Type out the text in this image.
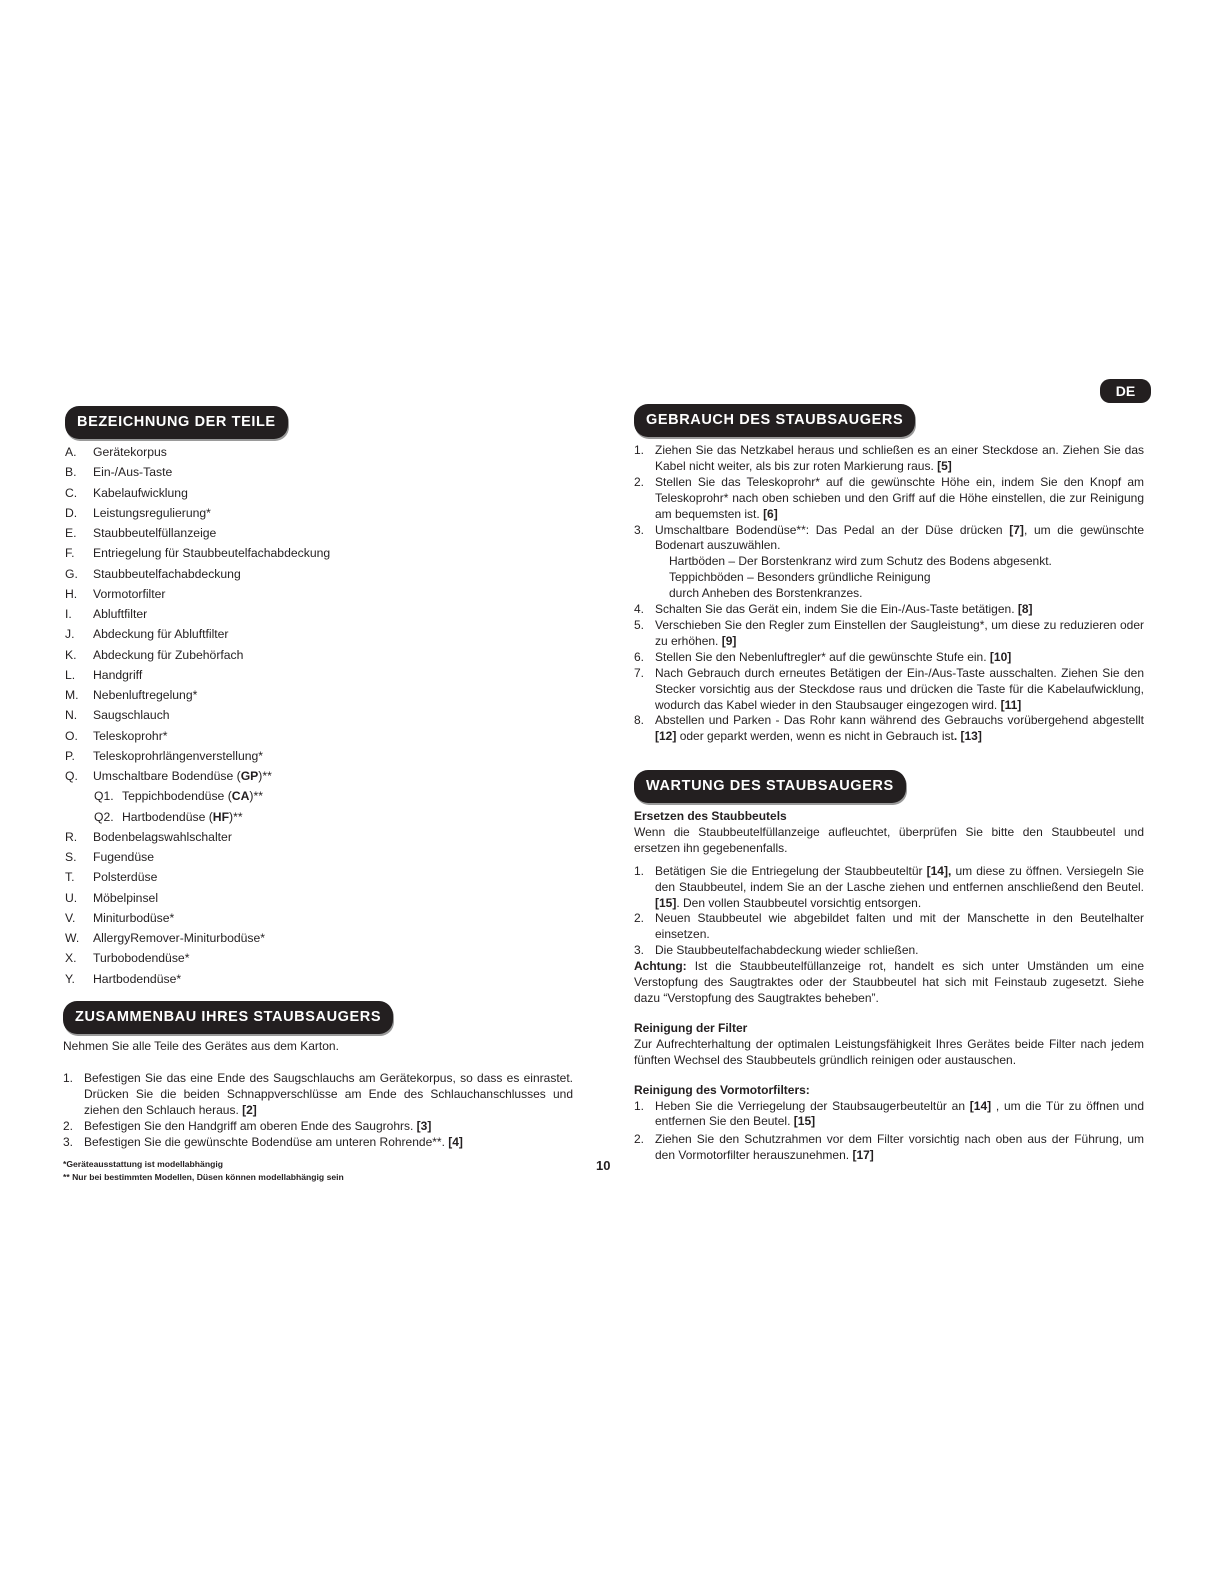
DE
BEZEICHNUNG DER TEILE
A. Gerätekorpus
B. Ein-/Aus-Taste
C. Kabelaufwicklung
D. Leistungsregulierung*
E. Staubbeutelfüllanzeige
F. Entriegelung für Staubbeutelfachabdeckung
G. Staubbeutelfachabdeckung
H. Vormotorfilter
I. Abluftfilter
J. Abdeckung für Abluftfilter
K. Abdeckung für Zubehörfach
L. Handgriff
M. Nebenluftregelung*
N. Saugschlauch
O. Teleskoprohr*
P. Teleskoprohrlängenverstellung*
Q. Umschaltbare Bodendüse (GP)**
Q1. Teppichbodendüse (CA)**
Q2. Hartbodendüse (HF)**
R. Bodenbelagswahlschalter
S. Fugendüse
T. Polsterdüse
U. Möbelpinsel
V. Miniturbodüse*
W. AllergyRemover-Miniturbodüse*
X. Turbobodendüse*
Y. Hartbodendüse*
ZUSAMMENBAU IHRES STAUBSAUGERS
Nehmen Sie alle Teile des Gerätes aus dem Karton.
1. Befestigen Sie das eine Ende des Saugschlauchs am Gerätekorpus, so dass es einrastet. Drücken Sie die beiden Schnappverschlüsse am Ende des Schlauchanschlusses und ziehen den Schlauch heraus. [2]
2. Befestigen Sie den Handgriff am oberen Ende des Saugrohrs. [3]
3. Befestigen Sie die gewünschte Bodendüse am unteren Rohrende**. [4]
*Geräteausstattung ist modellabhängig
** Nur bei bestimmten Modellen, Düsen können modellabhängig sein
10
GEBRAUCH DES STAUBSAUGERS
1. Ziehen Sie das Netzkabel heraus und schließen es an einer Steckdose an. Ziehen Sie das Kabel nicht weiter, als bis zur roten Markierung raus. [5]
2. Stellen Sie das Teleskoprohr* auf die gewünschte Höhe ein, indem Sie den Knopf am Teleskoprohr* nach oben schieben und den Griff auf die Höhe einstellen, die zur Reinigung am bequemsten ist. [6]
3. Umschaltbare Bodendüse**: Das Pedal an der Düse drücken [7], um die gewünschte Bodenart auszuwählen.
Hartböden – Der Borstenkranz wird zum Schutz des Bodens abgesenkt.
Teppichböden – Besonders gründliche Reinigung
durch Anheben des Borstenkranzes.
4. Schalten Sie das Gerät ein, indem Sie die Ein-/Aus-Taste betätigen. [8]
5. Verschieben Sie den Regler zum Einstellen der Saugleistung*, um diese zu reduzieren oder zu erhöhen. [9]
6. Stellen Sie den Nebenluftregler* auf die gewünschte Stufe ein. [10]
7. Nach Gebrauch durch erneutes Betätigen der Ein-/Aus-Taste ausschalten. Ziehen Sie den Stecker vorsichtig aus der Steckdose raus und drücken die Taste für die Kabelaufwicklung, wodurch das Kabel wieder in den Staubsauger eingezogen wird. [11]
8. Abstellen und Parken - Das Rohr kann während des Gebrauchs vorübergehend abgestellt [12] oder geparkt werden, wenn es nicht in Gebrauch ist. [13]
WARTUNG DES STAUBSAUGERS

Ersetzen des Staubbeutels

Wenn die Staubbeutelfüllanzeige aufleuchtet, überprüfen Sie bitte den Staubbeutel und ersetzen ihn gegebenenfalls.

1. Betätigen Sie die Entriegelung der Staubbeuteltür [14], um diese zu öffnen. Versiegeln Sie den Staubbeutel, indem Sie an der Lasche ziehen und entfernen anschließend den Beutel. [15]. Den vollen Staubbeutel vorsichtig entsorgen.
2. Neuen Staubbeutel wie abgebildet falten und mit der Manschette in den Beutelhalter einsetzen.
3. Die Staubbeutelfachabdeckung wieder schließen.

Achtung: Ist die Staubbeutelfüllanzeige rot, handelt es sich unter Umständen um eine Verstopfung des Saugtraktes oder der Staubbeutel hat sich mit Feinstaub zugesetzt. Siehe dazu “Verstopfung des Saugtraktes beheben”.

Reinigung der Filter

Zur Aufrechterhaltung der optimalen Leistungsfähigkeit Ihres Gerätes beide Filter nach jedem fünften Wechsel des Staubbeutels gründlich reinigen oder austauschen.

Reinigung des Vormotorfilters:

1. Heben Sie die Verriegelung der Staubsaugerbeuteltür an [14] , um die Tür zu öffnen und entfernen Sie den Beutel. [15]
2. Ziehen Sie den Schutzrahmen vor dem Filter vorsichtig nach oben aus der Führung, um den Vormotorfilter herauszunehmen. [17]
